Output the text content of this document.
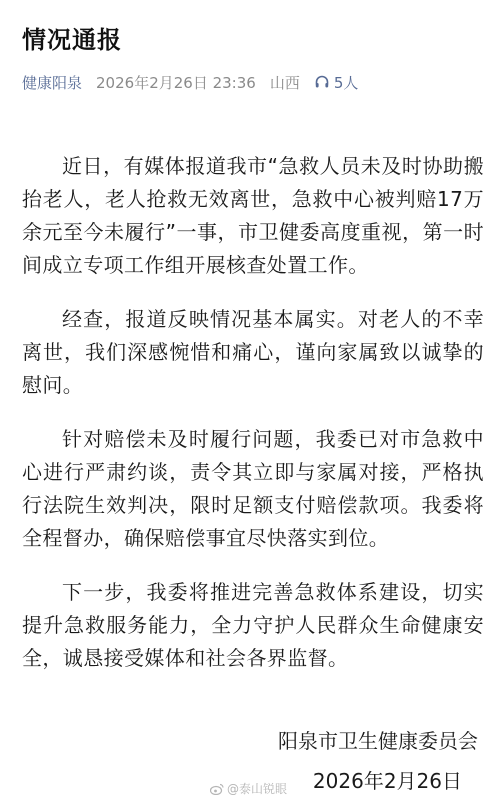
情况通报
健康阳泉 2026年2月26日 23:36 山西 5人

近日，有媒体报道我市“急救人员未及时协助搬抬老人，老人抢救无效离世，急救中心被判赔17万余元至今未履行”一事，市卫健委高度重视，第一时间成立专项工作组开展核查处置工作。

经查，报道反映情况基本属实。对老人的不幸离世，我们深感惋惜和痛心，谨向家属致以诚挚的慰问。

针对赔偿未及时履行问题，我委已对市急救中心进行严肃约谈，责令其立即与家属对接，严格执行法院生效判决，限时足额支付赔偿款项。我委将全程督办，确保赔偿事宜尽快落实到位。

下一步，我委将推进完善急救体系建设，切实提升急救服务能力，全力守护人民群众生命健康安全，诚恳接受媒体和社会各界监督。

阳泉市卫生健康委员会
@泰山锐眼 2026年2月26日
